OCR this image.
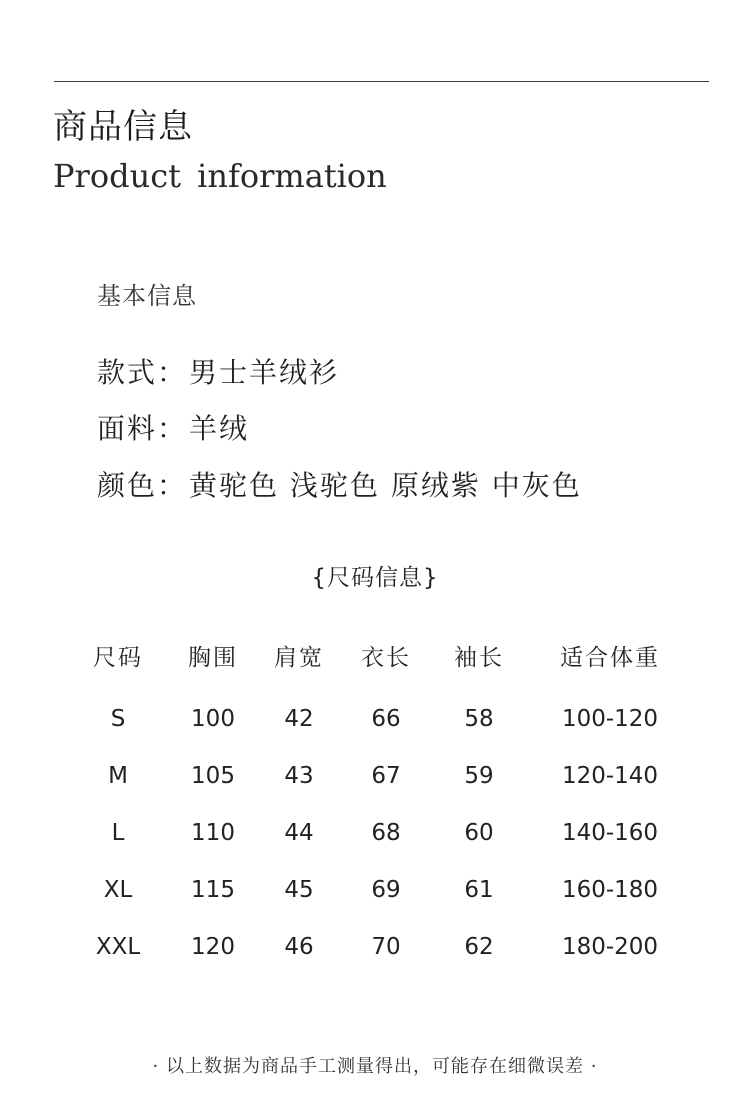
商品信息
Product information
基本信息
款式：男士羊绒衫
面料：羊绒
颜色：黄驼色 浅驼色 原绒紫 中灰色
{尺码信息}
尺码	胸围	肩宽	衣长	袖长	适合体重
S	100	42	66	58	100-120
M	105	43	67	59	120-140
L	110	44	68	60	140-160
XL	115	45	69	61	160-180
XXL	120	46	70	62	180-200
· 以上数据为商品手工测量得出，可能存在细微误差 ·
